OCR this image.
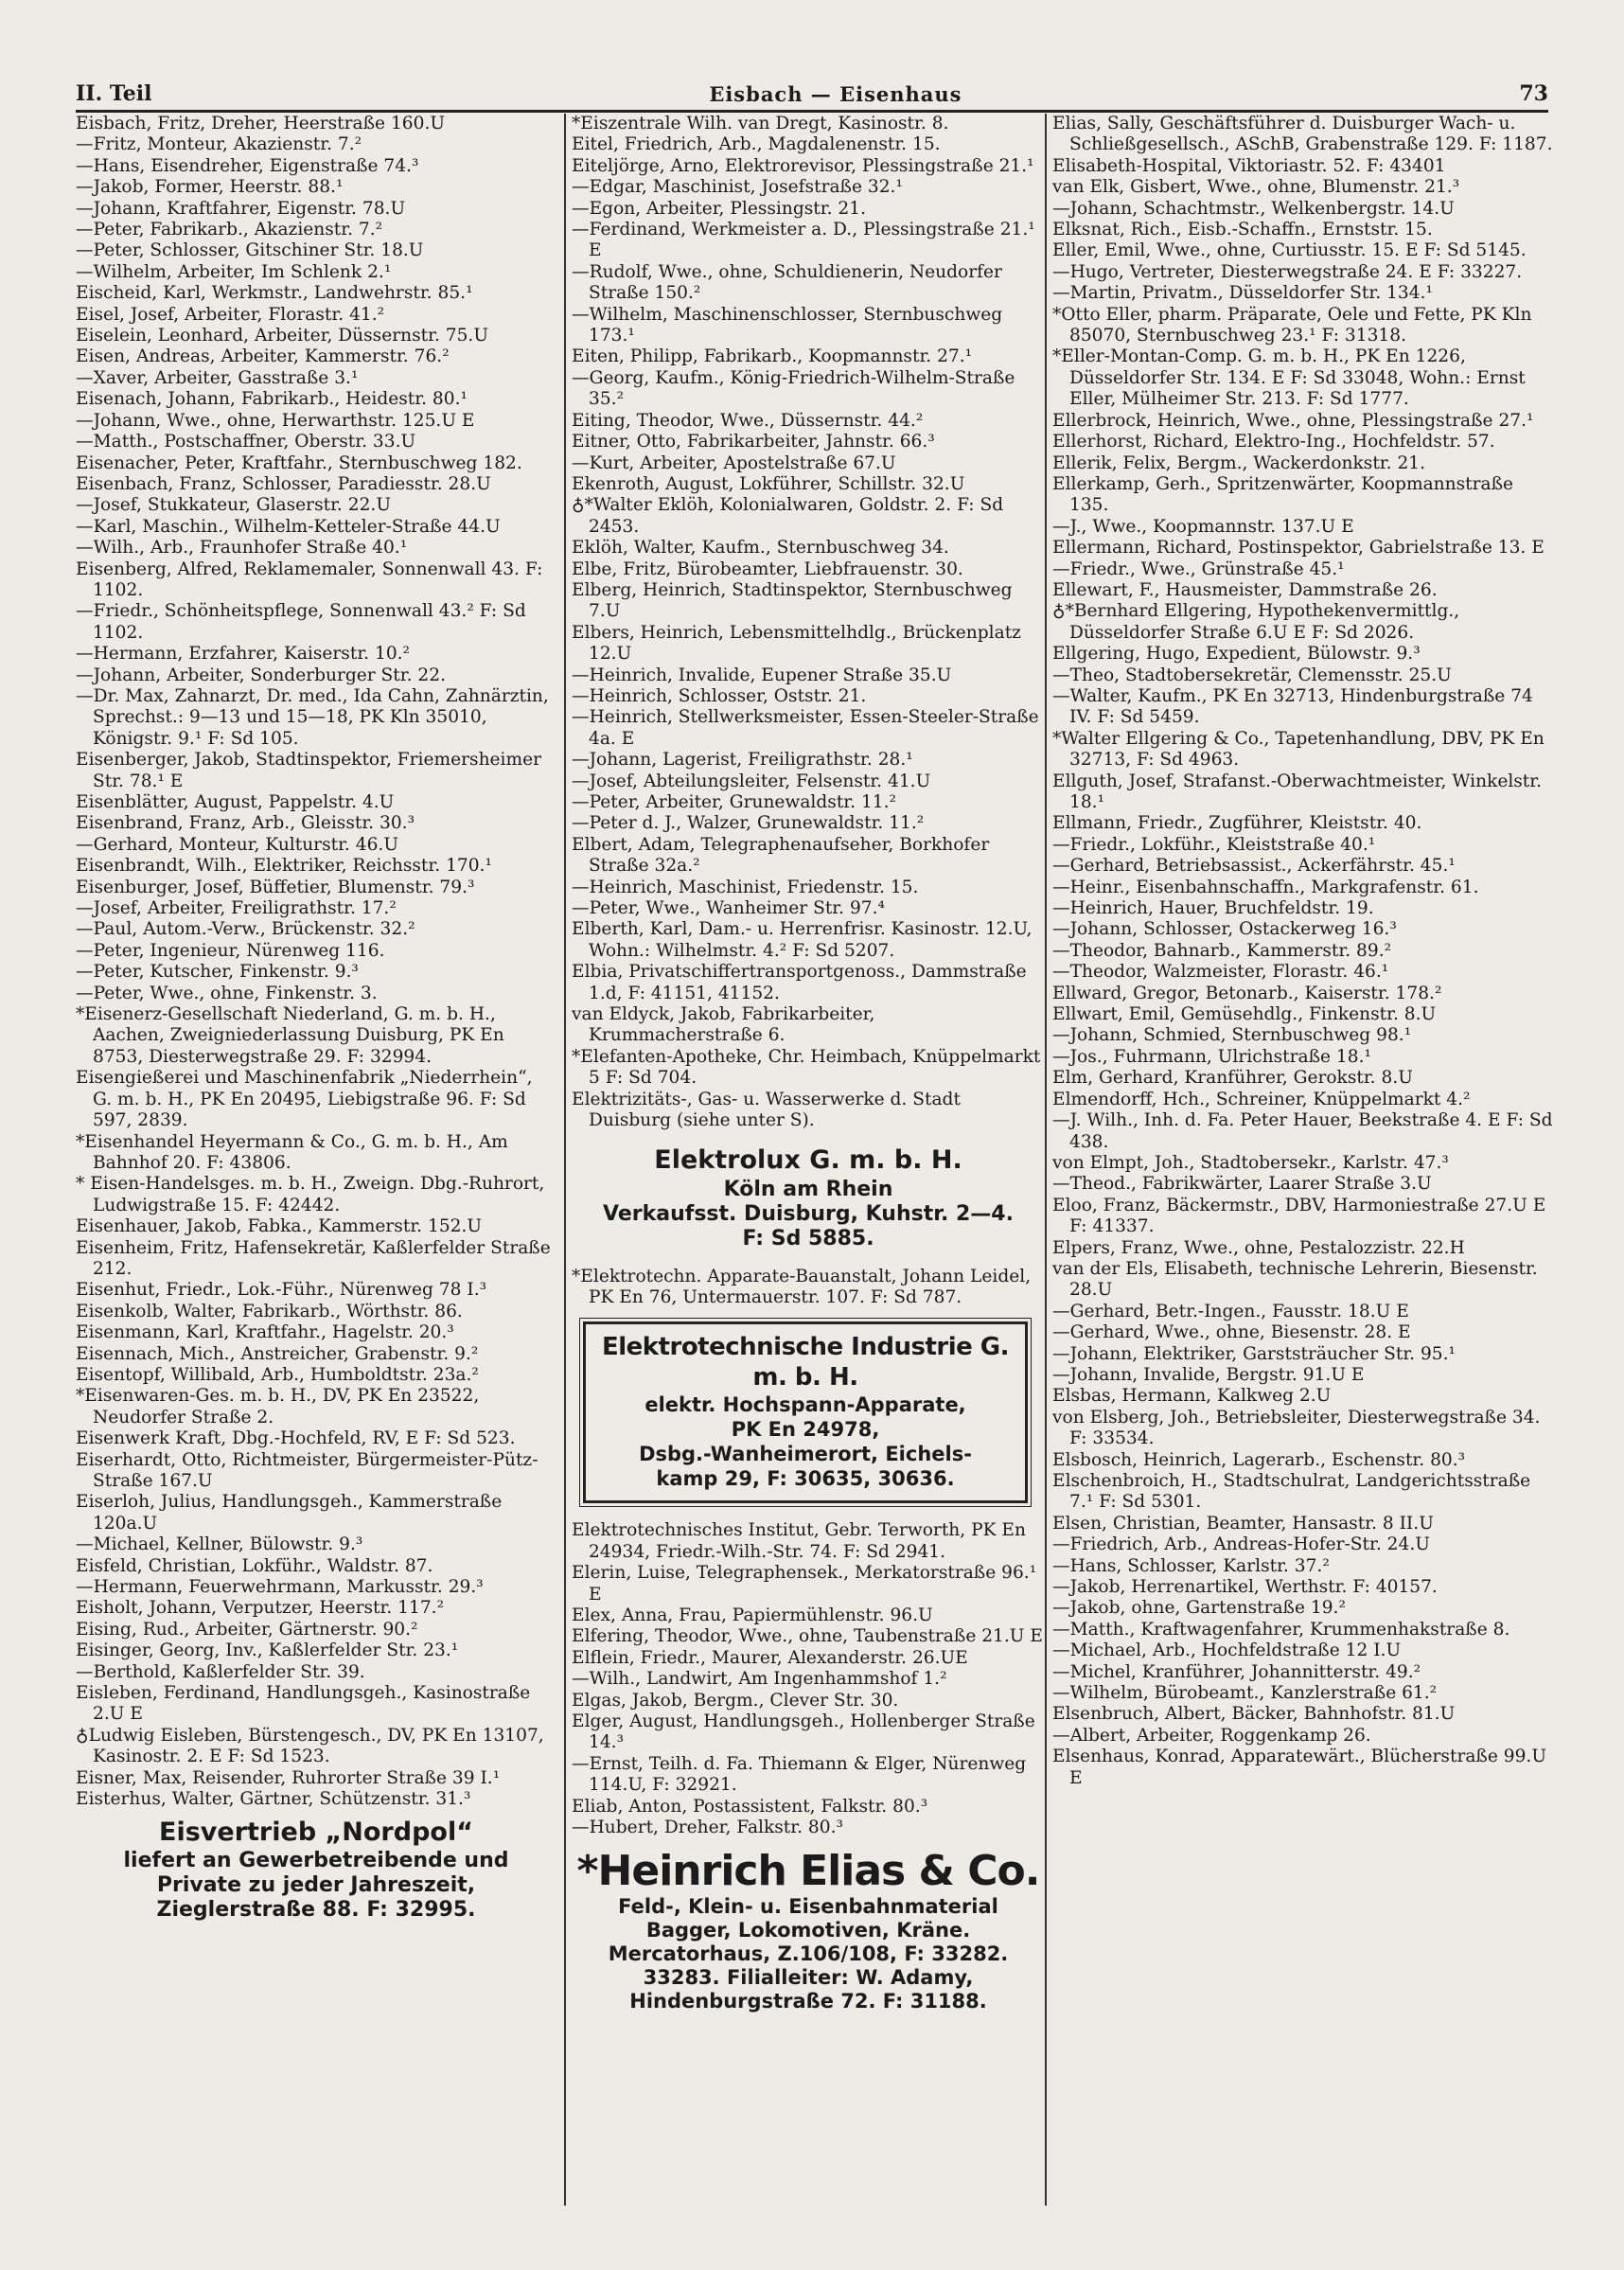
II. Teil	Eisbach — Eisenhaus	73

Eisbach, Fritz, Dreher, Heerstraße 160.U

—Fritz, Monteur, Akazienstr. 7.²

—Hans, Eisendreher, Eigenstraße 74.³

—Jakob, Former, Heerstr. 88.¹

—Johann, Kraftfahrer, Eigenstr. 78.U

—Peter, Fabrikarb., Akazienstr. 7.²

—Peter, Schlosser, Gitschiner Str. 18.U

—Wilhelm, Arbeiter, Im Schlenk 2.¹

Eischeid, Karl, Werkmstr., Landwehrstr. 85.¹

Eisel, Josef, Arbeiter, Florastr. 41.²

Eiselein, Leonhard, Arbeiter, Düssernstr. 75.U

Eisen, Andreas, Arbeiter, Kammerstr. 76.²

—Xaver, Arbeiter, Gasstraße 3.¹

Eisenach, Johann, Fabrikarb., Heidestr. 80.¹

—Johann, Wwe., ohne, Herwarthstr. 125.U E

—Matth., Postschaffner, Oberstr. 33.U

Eisenacher, Peter, Kraftfahr., Sternbuschweg 182.

Eisenbach, Franz, Schlosser, Paradiesstr. 28.U

—Josef, Stukkateur, Glaserstr. 22.U

—Karl, Maschin., Wilhelm-Ketteler-Straße 44.U

—Wilh., Arb., Fraunhofer Straße 40.¹

Eisenberg, Alfred, Reklamemaler, Sonnenwall 43. F: 1102.

—Friedr., Schönheitspflege, Sonnenwall 43.² F: Sd 1102.

—Hermann, Erzfahrer, Kaiserstr. 10.²

—Johann, Arbeiter, Sonderburger Str. 22.

—Dr. Max, Zahnarzt, Dr. med., Ida Cahn, Zahnärztin, Sprechst.: 9—13 und 15—18, PK Kln 35010, Königstr. 9.¹ F: Sd 105.

Eisenberger, Jakob, Stadtinspektor, Friemersheimer Str. 78.¹ E

Eisenblätter, August, Pappelstr. 4.U

Eisenbrand, Franz, Arb., Gleisstr. 30.³

—Gerhard, Monteur, Kulturstr. 46.U

Eisenbrandt, Wilh., Elektriker, Reichsstr. 170.¹

Eisenburger, Josef, Büffetier, Blumenstr. 79.³

—Josef, Arbeiter, Freiligrathstr. 17.²

—Paul, Autom.-Verw., Brückenstr. 32.²

—Peter, Ingenieur, Nürenweg 116.

—Peter, Kutscher, Finkenstr. 9.³

—Peter, Wwe., ohne, Finkenstr. 3.

*Eisenerz-Gesellschaft Niederland, G. m. b. H., Aachen, Zweigniederlassung Duisburg, PK En 8753, Diesterwegstraße 29. F: 32994.

Eisengießerei und Maschinenfabrik „Niederrhein“, G. m. b. H., PK En 20495, Liebigstraße 96. F: Sd 597, 2839.

*Eisenhandel Heyermann & Co., G. m. b. H., Am Bahnhof 20. F: 43806.

* Eisen-Handelsges. m. b. H., Zweign. Dbg.-Ruhrort, Ludwigstraße 15. F: 42442.

Eisenhauer, Jakob, Fabka., Kammerstr. 152.U

Eisenheim, Fritz, Hafensekretär, Kaßlerfelder Straße 212.

Eisenhut, Friedr., Lok.-Führ., Nürenweg 78 I.³

Eisenkolb, Walter, Fabrikarb., Wörthstr. 86.

Eisenmann, Karl, Kraftfahr., Hagelstr. 20.³

Eisennach, Mich., Anstreicher, Grabenstr. 9.²

Eisentopf, Willibald, Arb., Humboldtstr. 23a.²

*Eisenwaren-Ges. m. b. H., DV, PK En 23522, Neudorfer Straße 2.

Eisenwerk Kraft, Dbg.-Hochfeld, RV, E F: Sd 523.

Eiserhardt, Otto, Richtmeister, Bürgermeister-Pütz-Straße 167.U

Eiserloh, Julius, Handlungsgeh., Kammerstraße 120a.U

—Michael, Kellner, Bülowstr. 9.³

Eisfeld, Christian, Lokführ., Waldstr. 87.

—Hermann, Feuerwehrmann, Markusstr. 29.³

Eisholt, Johann, Verputzer, Heerstr. 117.²

Eising, Rud., Arbeiter, Gärtnerstr. 90.²

Eisinger, Georg, Inv., Kaßlerfelder Str. 23.¹

—Berthold, Kaßlerfelder Str. 39.

Eisleben, Ferdinand, Handlungsgeh., Kasinostraße 2.U E

♁Ludwig Eisleben, Bürstengesch., DV, PK En 13107, Kasinostr. 2. E F: Sd 1523.

Eisner, Max, Reisender, Ruhrorter Straße 39 I.¹

Eisterhus, Walter, Gärtner, Schützenstr. 31.³

Eisvertrieb „Nordpol“
liefert an Gewerbetreibende und
Private zu jeder Jahreszeit,
Zieglerstraße 88. F: 32995.

*Eiszentrale Wilh. van Dregt, Kasinostr. 8.

Eitel, Friedrich, Arb., Magdalenenstr. 15.

Eiteljörge, Arno, Elektrorevisor, Plessingstraße 21.¹

—Edgar, Maschinist, Josefstraße 32.¹

—Egon, Arbeiter, Plessingstr. 21.

—Ferdinand, Werkmeister a. D., Plessingstraße 21.¹ E

—Rudolf, Wwe., ohne, Schuldienerin, Neudorfer Straße 150.²

—Wilhelm, Maschinenschlosser, Sternbuschweg 173.¹

Eiten, Philipp, Fabrikarb., Koopmannstr. 27.¹

—Georg, Kaufm., König-Friedrich-Wilhelm-Straße 35.²

Eiting, Theodor, Wwe., Düssernstr. 44.²

Eitner, Otto, Fabrikarbeiter, Jahnstr. 66.³

—Kurt, Arbeiter, Apostelstraße 67.U

Ekenroth, August, Lokführer, Schillstr. 32.U

♁*Walter Eklöh, Kolonialwaren, Goldstr. 2. F: Sd 2453.

Eklöh, Walter, Kaufm., Sternbuschweg 34.

Elbe, Fritz, Bürobeamter, Liebfrauenstr. 30.

Elberg, Heinrich, Stadtinspektor, Sternbuschweg 7.U

Elbers, Heinrich, Lebensmittelhdlg., Brückenplatz 12.U

—Heinrich, Invalide, Eupener Straße 35.U

—Heinrich, Schlosser, Oststr. 21.

—Heinrich, Stellwerksmeister, Essen-Steeler-Straße 4a. E

—Johann, Lagerist, Freiligrathstr. 28.¹

—Josef, Abteilungsleiter, Felsenstr. 41.U

—Peter, Arbeiter, Grunewaldstr. 11.²

—Peter d. J., Walzer, Grunewaldstr. 11.²

Elbert, Adam, Telegraphenaufseher, Borkhofer Straße 32a.²

—Heinrich, Maschinist, Friedenstr. 15.

—Peter, Wwe., Wanheimer Str. 97.⁴

Elberth, Karl, Dam.- u. Herrenfrisr. Kasinostr. 12.U, Wohn.: Wilhelmstr. 4.² F: Sd 5207.

Elbia, Privatschiffertransportgenoss., Dammstraße 1.d, F: 41151, 41152.

van Eldyck, Jakob, Fabrikarbeiter, Krummacherstraße 6.

*Elefanten-Apotheke, Chr. Heimbach, Knüppelmarkt 5 F: Sd 704.

Elektrizitäts-, Gas- u. Wasserwerke d. Stadt Duisburg (siehe unter S).

Elektrolux G. m. b. H.
Köln am Rhein
Verkaufsst. Duisburg, Kuhstr. 2—4.
F: Sd 5885.

*Elektrotechn. Apparate-Bauanstalt, Johann Leidel, PK En 76, Untermauerstr. 107. F: Sd 787.

Elektrotechnische Industrie G. m. b. H.
elektr. Hochspann-Apparate,
PK En 24978,
Dsbg.-Wanheimerort, Eichels-
kamp 29, F: 30635, 30636.

Elektrotechnisches Institut, Gebr. Terworth, PK En 24934, Friedr.-Wilh.-Str. 74. F: Sd 2941.

Elerin, Luise, Telegraphensek., Merkatorstraße 96.¹ E

Elex, Anna, Frau, Papiermühlenstr. 96.U

Elfering, Theodor, Wwe., ohne, Taubenstraße 21.U E

Elflein, Friedr., Maurer, Alexanderstr. 26.UE

—Wilh., Landwirt, Am Ingenhammshof 1.²

Elgas, Jakob, Bergm., Clever Str. 30.

Elger, August, Handlungsgeh., Hollenberger Straße 14.³

—Ernst, Teilh. d. Fa. Thiemann & Elger, Nürenweg 114.U, F: 32921.

Eliab, Anton, Postassistent, Falkstr. 80.³

—Hubert, Dreher, Falkstr. 80.³

*Heinrich Elias & Co.
Feld-, Klein- u. Eisenbahnmaterial
Bagger, Lokomotiven, Kräne.
Mercatorhaus, Z.106/108, F: 33282.
33283. Filialleiter: W. Adamy,
Hindenburgstraße 72. F: 31188.

Elias, Sally, Geschäftsführer d. Duisburger Wach- u. Schließgesellsch., ASchB, Grabenstraße 129. F: 1187.

Elisabeth-Hospital, Viktoriastr. 52. F: 43401

van Elk, Gisbert, Wwe., ohne, Blumenstr. 21.³

—Johann, Schachtmstr., Welkenbergstr. 14.U

Elksnat, Rich., Eisb.-Schaffn., Ernststr. 15.

Eller, Emil, Wwe., ohne, Curtiusstr. 15. E F: Sd 5145.

—Hugo, Vertreter, Diesterwegstraße 24. E F: 33227.

—Martin, Privatm., Düsseldorfer Str. 134.¹

*Otto Eller, pharm. Präparate, Oele und Fette, PK Kln 85070, Sternbuschweg 23.¹ F: 31318.

*Eller-Montan-Comp. G. m. b. H., PK En 1226, Düsseldorfer Str. 134. E F: Sd 33048, Wohn.: Ernst Eller, Mülheimer Str. 213. F: Sd 1777.

Ellerbrock, Heinrich, Wwe., ohne, Plessingstraße 27.¹

Ellerhorst, Richard, Elektro-Ing., Hochfeldstr. 57.

Ellerik, Felix, Bergm., Wackerdonkstr. 21.

Ellerkamp, Gerh., Spritzenwärter, Koopmannstraße 135.

—J., Wwe., Koopmannstr. 137.U E

Ellermann, Richard, Postinspektor, Gabrielstraße 13. E

—Friedr., Wwe., Grünstraße 45.¹

Ellewart, F., Hausmeister, Dammstraße 26.

♁*Bernhard Ellgering, Hypothekenvermittlg., Düsseldorfer Straße 6.U E F: Sd 2026.

Ellgering, Hugo, Expedient, Bülowstr. 9.³

—Theo, Stadtobersekretär, Clemensstr. 25.U

—Walter, Kaufm., PK En 32713, Hindenburgstraße 74 IV. F: Sd 5459.

*Walter Ellgering & Co., Tapetenhandlung, DBV, PK En 32713, F: Sd 4963.

Ellguth, Josef, Strafanst.-Oberwachtmeister, Winkelstr. 18.¹

Ellmann, Friedr., Zugführer, Kleiststr. 40.

—Friedr., Lokführ., Kleiststraße 40.¹

—Gerhard, Betriebsassist., Ackerfährstr. 45.¹

—Heinr., Eisenbahnschaffn., Markgrafenstr. 61.

—Heinrich, Hauer, Bruchfeldstr. 19.

—Johann, Schlosser, Ostackerweg 16.³

—Theodor, Bahnarb., Kammerstr. 89.²

—Theodor, Walzmeister, Florastr. 46.¹

Ellward, Gregor, Betonarb., Kaiserstr. 178.²

Ellwart, Emil, Gemüsehdlg., Finkenstr. 8.U

—Johann, Schmied, Sternbuschweg 98.¹

—Jos., Fuhrmann, Ulrichstraße 18.¹

Elm, Gerhard, Kranführer, Gerokstr. 8.U

Elmendorff, Hch., Schreiner, Knüppelmarkt 4.²

—J. Wilh., Inh. d. Fa. Peter Hauer, Beekstraße 4. E F: Sd 438.

von Elmpt, Joh., Stadtobersekr., Karlstr. 47.³

—Theod., Fabrikwärter, Laarer Straße 3.U

Eloo, Franz, Bäckermstr., DBV, Harmoniestraße 27.U E F: 41337.

Elpers, Franz, Wwe., ohne, Pestalozzistr. 22.H

van der Els, Elisabeth, technische Lehrerin, Biesenstr. 28.U

—Gerhard, Betr.-Ingen., Fausstr. 18.U E

—Gerhard, Wwe., ohne, Biesenstr. 28. E

—Johann, Elektriker, Garststräucher Str. 95.¹

—Johann, Invalide, Bergstr. 91.U E

Elsbas, Hermann, Kalkweg 2.U

von Elsberg, Joh., Betriebsleiter, Diesterwegstraße 34. F: 33534.

Elsbosch, Heinrich, Lagerarb., Eschenstr. 80.³

Elschenbroich, H., Stadtschulrat, Landgerichtsstraße 7.¹ F: Sd 5301.

Elsen, Christian, Beamter, Hansastr. 8 II.U

—Friedrich, Arb., Andreas-Hofer-Str. 24.U

—Hans, Schlosser, Karlstr. 37.²

—Jakob, Herrenartikel, Werthstr. F: 40157.

—Jakob, ohne, Gartenstraße 19.²

—Matth., Kraftwagenfahrer, Krummenhakstraße 8.

—Michael, Arb., Hochfeldstraße 12 I.U

—Michel, Kranführer, Johannitterstr. 49.²

—Wilhelm, Bürobeamt., Kanzlerstraße 61.²

Elsenbruch, Albert, Bäcker, Bahnhofstr. 81.U

—Albert, Arbeiter, Roggenkamp 26.

Elsenhaus, Konrad, Apparatewärt., Blücherstraße 99.U E
